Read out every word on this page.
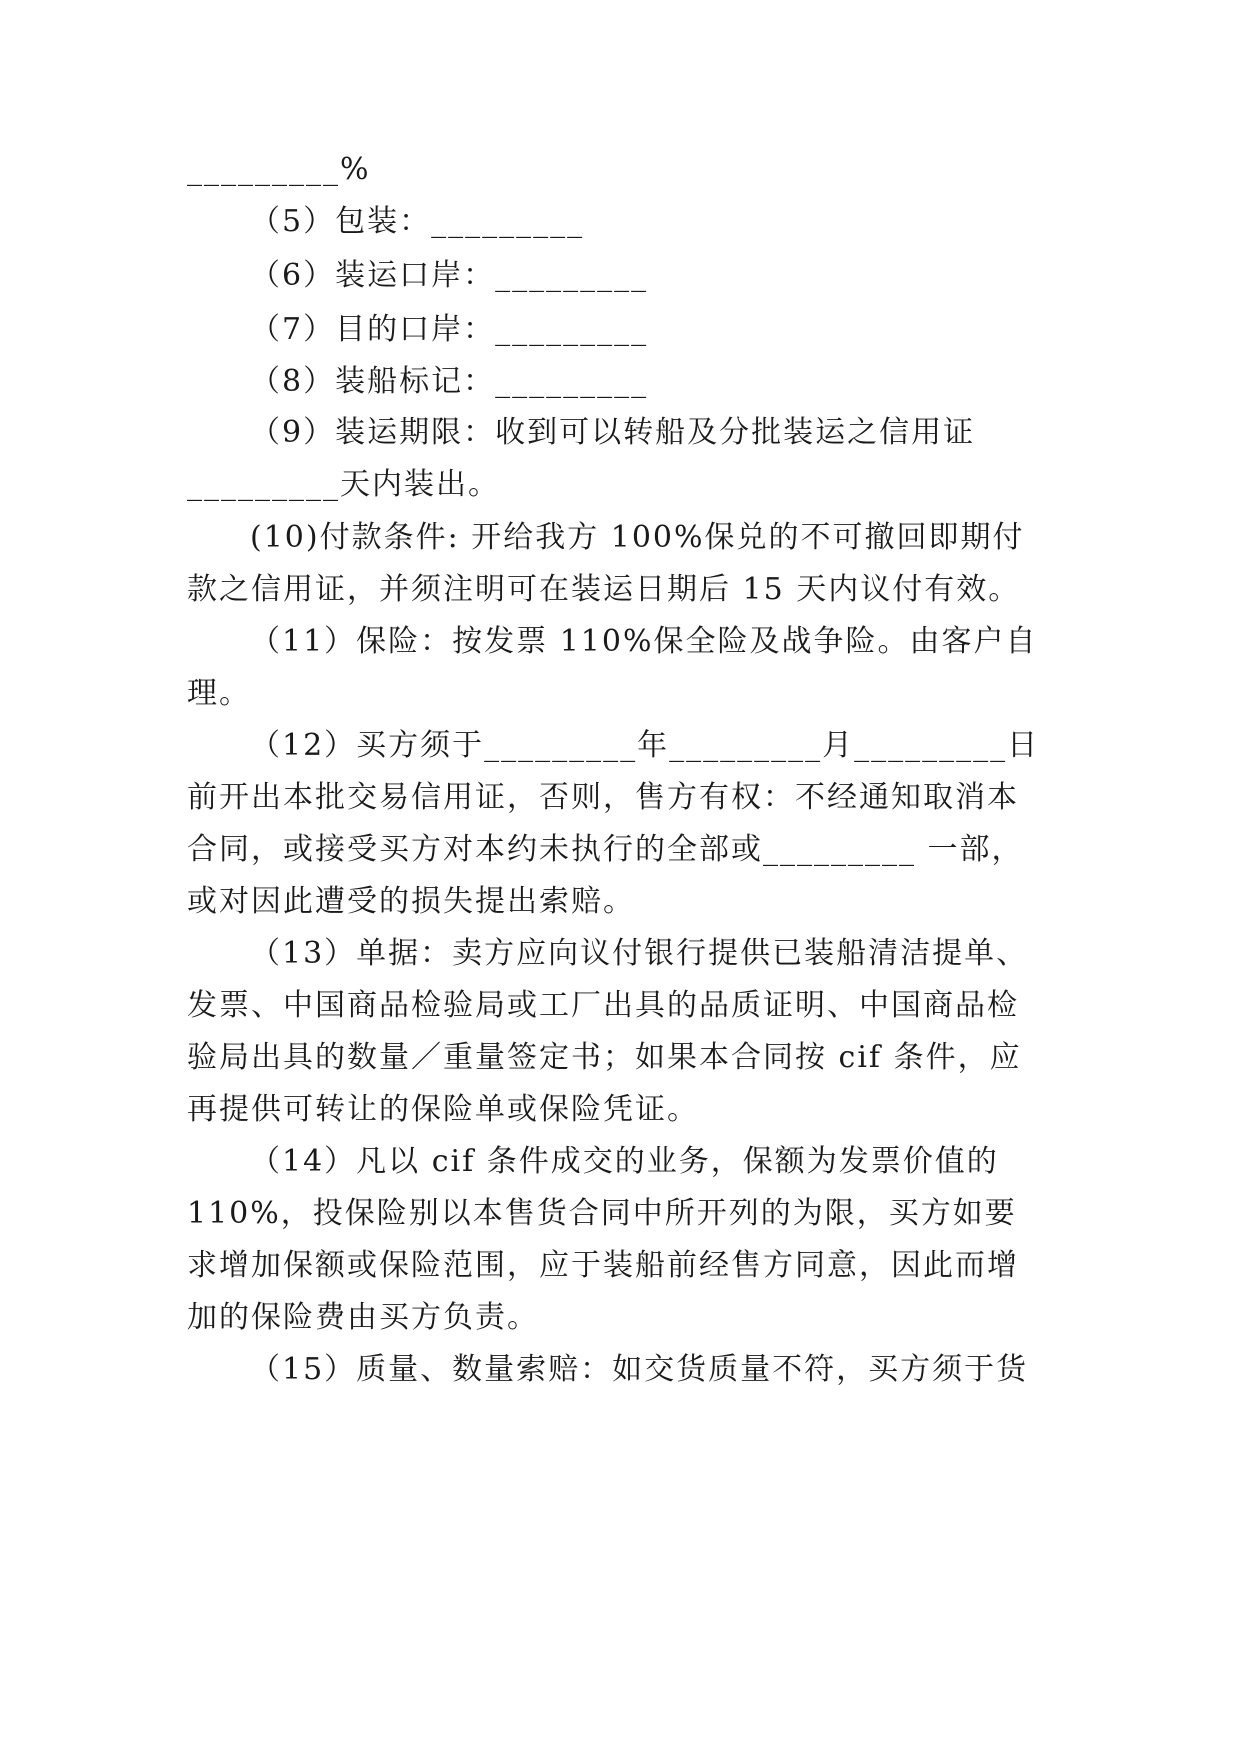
_________%
（5）包装：_________
（6）装运口岸：_________
（7）目的口岸：_________
（8）装船标记：_________
（9）装运期限：收到可以转船及分批装运之信用证
_________天内装出。
(10)付款条件: 开给我方 100%保兑的不可撤回即期付
款之信用证，并须注明可在装运日期后 15 天内议付有效。
（11）保险：按发票 110%保全险及战争险。由客户自
理。
（12）买方须于_________年_________月_________日
前开出本批交易信用证，否则，售方有权：不经通知取消本
合同，或接受买方对本约未执行的全部或_________ 一部，
或对因此遭受的损失提出索赔。
（13）单据：卖方应向议付银行提供已装船清洁提单、
发票、中国商品检验局或工厂出具的品质证明、中国商品检
验局出具的数量／重量签定书；如果本合同按 cif 条件，应
再提供可转让的保险单或保险凭证。
（14）凡以 cif 条件成交的业务，保额为发票价值的
110%，投保险别以本售货合同中所开列的为限，买方如要
求增加保额或保险范围，应于装船前经售方同意，因此而增
加的保险费由买方负责。
（15）质量、数量索赔：如交货质量不符，买方须于货
